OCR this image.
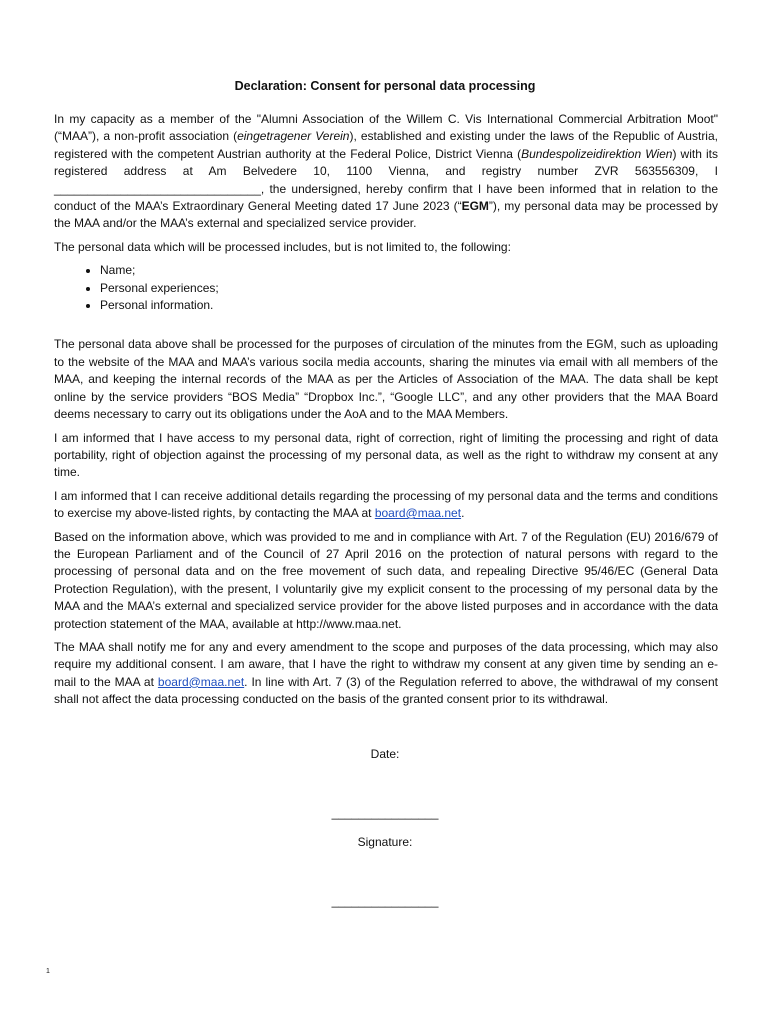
Declaration: Consent for personal data processing

In my capacity as a member of the "Alumni Association of the Willem C. Vis International Commercial Arbitration Moot" (“MAA”), a non-profit association (eingetragener Verein), established and existing under the laws of the Republic of Austria, registered with the competent Austrian authority at the Federal Police, District Vienna (Bundespolizeidirektion Wien) with its registered address at Am Belvedere 10, 1100 Vienna, and registry number ZVR 563556309, I _______________________________, the undersigned, hereby confirm that I have been informed that in relation to the conduct of the MAA’s Extraordinary General Meeting dated 17 June 2023 (“EGM”), my personal data may be processed by the MAA and/or the MAA’s external and specialized service provider.

The personal data which will be processed includes, but is not limited to, the following:

• Name;
• Personal experiences;
• Personal information.

The personal data above shall be processed for the purposes of circulation of the minutes from the EGM, such as uploading to the website of the MAA and MAA’s various socila media accounts, sharing the minutes via email with all members of the MAA, and keeping the internal records of the MAA as per the Articles of Association of the MAA. The data shall be kept online by the service providers “BOS Media” “Dropbox Inc.”, “Google LLC”, and any other providers that the MAA Board deems necessary to carry out its obligations under the AoA and to the MAA Members.

I am informed that I have access to my personal data, right of correction, right of limiting the processing and right of data portability, right of objection against the processing of my personal data, as well as the right to withdraw my consent at any time.

I am informed that I can receive additional details regarding the processing of my personal data and the terms and conditions to exercise my above-listed rights, by contacting the MAA at board@maa.net.

Based on the information above, which was provided to me and in compliance with Art. 7 of the Regulation (EU) 2016/679 of the European Parliament and of the Council of 27 April 2016 on the protection of natural persons with regard to the processing of personal data and on the free movement of such data, and repealing Directive 95/46/EC (General Data Protection Regulation), with the present, I voluntarily give my explicit consent to the processing of my personal data by the MAA and the MAA’s external and specialized service provider for the above listed purposes and in accordance with the data protection statement of the MAA, available at http://www.maa.net.

The MAA shall notify me for any and every amendment to the scope and purposes of the data processing, which may also require my additional consent. I am aware, that I have the right to withdraw my consent at any given time by sending an e-mail to the MAA at board@maa.net. In line with Art. 7 (3) of the Regulation referred to above, the withdrawal of my consent shall not affect the data processing conducted on the basis of the granted consent prior to its withdrawal.

Date:
________________
Signature:
________________
1
